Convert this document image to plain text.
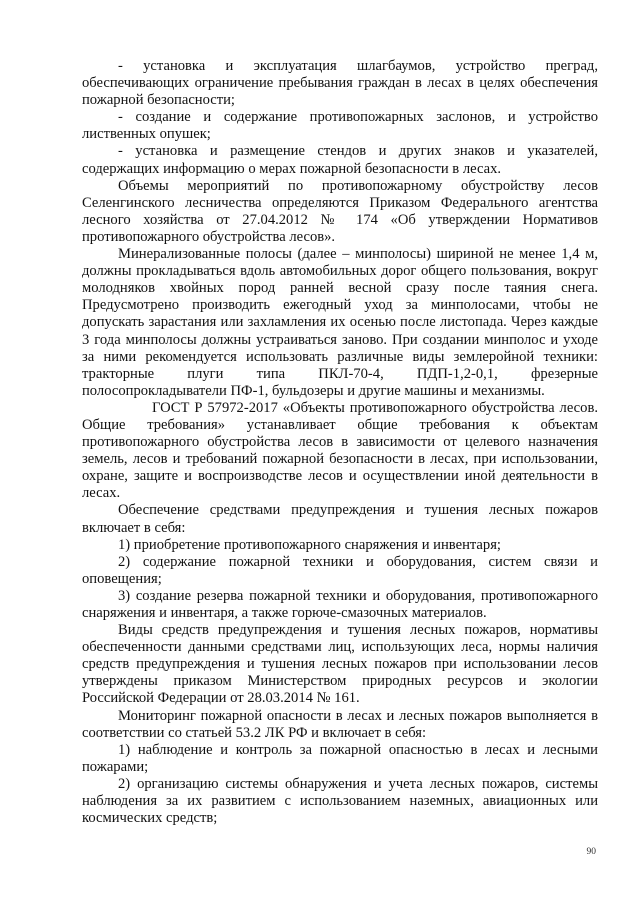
- установка и эксплуатация шлагбаумов, устройство преград, обеспечивающих ограничение пребывания граждан в лесах в целях обеспечения пожарной безопасности;

- создание и содержание противопожарных заслонов, и устройство лиственных опушек;

- установка и размещение стендов и других знаков и указателей, содержащих информацию о мерах пожарной безопасности в лесах.

Объемы мероприятий по противопожарному обустройству лесов Селенгинского лесничества определяются Приказом Федерального агентства лесного хозяйства от 27.04.2012 № 174 «Об утверждении Нормативов противопожарного обустройства лесов».

Минерализованные полосы (далее – минполосы) шириной не менее 1,4 м, должны прокладываться вдоль автомобильных дорог общего пользования, вокруг молодняков хвойных пород ранней весной сразу после таяния снега. Предусмотрено производить ежегодный уход за минполосами, чтобы не допускать зарастания или захламления их осенью после листопада. Через каждые 3 года минполосы должны устраиваться заново. При создании минполос и уходе за ними рекомендуется использовать различные виды землеройной техники: тракторные плуги типа ПКЛ-70-4, ПДП-1,2-0,1, фрезерные полосопрокладыватели ПФ-1, бульдозеры и другие машины и механизмы.

ГОСТ Р 57972-2017 «Объекты противопожарного обустройства лесов. Общие требования» устанавливает общие требования к объектам противопожарного обустройства лесов в зависимости от целевого назначения земель, лесов и требований пожарной безопасности в лесах, при использовании, охране, защите и воспроизводстве лесов и осуществлении иной деятельности в лесах.

Обеспечение средствами предупреждения и тушения лесных пожаров включает в себя:

1) приобретение противопожарного снаряжения и инвентаря;

2) содержание пожарной техники и оборудования, систем связи и оповещения;

3) создание резерва пожарной техники и оборудования, противопожарного снаряжения и инвентаря, а также горюче-смазочных материалов.

Виды средств предупреждения и тушения лесных пожаров, нормативы обеспеченности данными средствами лиц, использующих леса, нормы наличия средств предупреждения и тушения лесных пожаров при использовании лесов утверждены приказом Министерством природных ресурсов и экологии Российской Федерации от 28.03.2014 № 161.

Мониторинг пожарной опасности в лесах и лесных пожаров выполняется в соответствии со статьей 53.2 ЛК РФ и включает в себя:

1) наблюдение и контроль за пожарной опасностью в лесах и лесными пожарами;

2) организацию системы обнаружения и учета лесных пожаров, системы наблюдения за их развитием с использованием наземных, авиационных или космических средств;

90
